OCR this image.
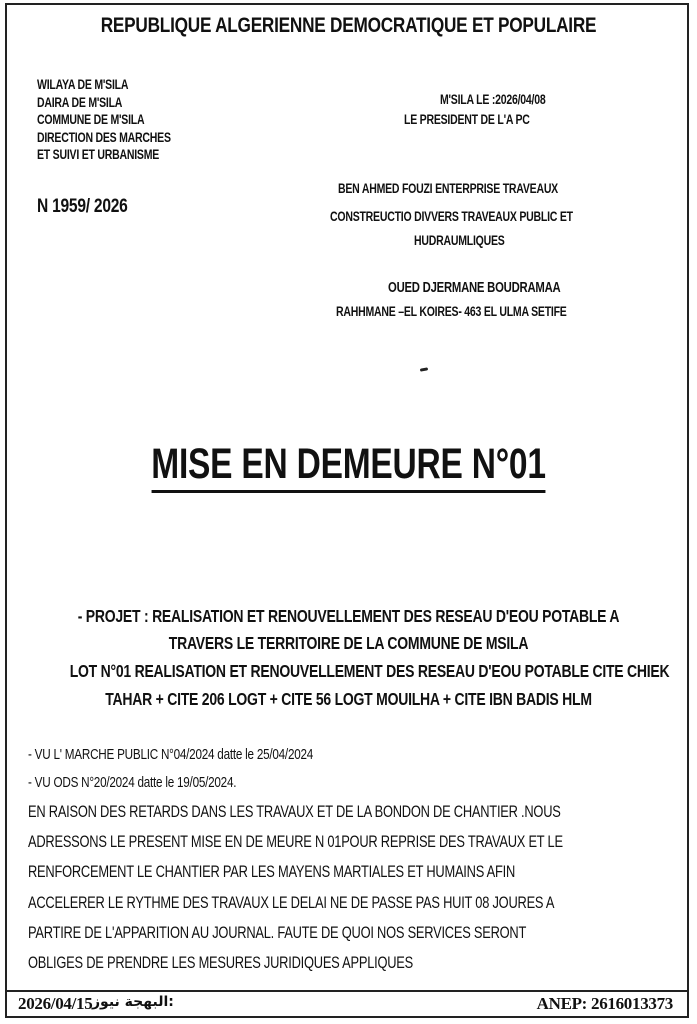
REPUBLIQUE ALGERIENNE DEMOCRATIQUE ET POPULAIRE
WILAYA DE M'SILA
DAIRA DE M'SILA
COMMUNE DE M'SILA
DIRECTION DES MARCHES
ET SUIVI ET URBANISME
N 1959/ 2026
M'SILA LE :2026/04/08
LE PRESIDENT DE L'A PC
BEN AHMED FOUZI ENTERPRISE TRAVEAUX
CONSTREUCTIO DIVVERS TRAVEAUX PUBLIC ET
HUDRAUMLIQUES
OUED DJERMANE BOUDRAMAA
RAHHMANE –EL KOIRES- 463 EL ULMA SETIFE
MISE EN DEMEURE N°01
- PROJET : REALISATION ET RENOUVELLEMENT DES RESEAU D'EOU POTABLE A
TRAVERS LE TERRITOIRE DE LA COMMUNE DE MSILA
LOT N°01 REALISATION ET RENOUVELLEMENT DES RESEAU D'EOU POTABLE CITE CHIEK
TAHAR + CITE 206 LOGT + CITE 56 LOGT MOUILHA + CITE IBN BADIS HLM
- VU L' MARCHE PUBLIC N°04/2024 datte le 25/04/2024
- VU ODS N°20/2024 datte le 19/05/2024.
EN RAISON DES RETARDS DANS LES TRAVAUX ET DE LA BONDON DE CHANTIER .NOUS
ADRESSONS LE PRESENT MISE EN DE MEURE N 01POUR REPRISE DES TRAVAUX ET LE
RENFORCEMENT LE CHANTIER PAR LES MAYENS MARTIALES ET HUMAINS AFIN
ACCELERER LE RYTHME DES TRAVAUX LE DELAI NE DE PASSE PAS HUIT 08 JOURES A
PARTIRE DE L'APPARITION AU JOURNAL. FAUTE DE QUOI NOS SERVICES SERONT
OBLIGES DE PRENDRE LES MESURES JURIDIQUES APPLIQUES
2026/04/15 :البهجة نيوز	ANEP: 2616013373
